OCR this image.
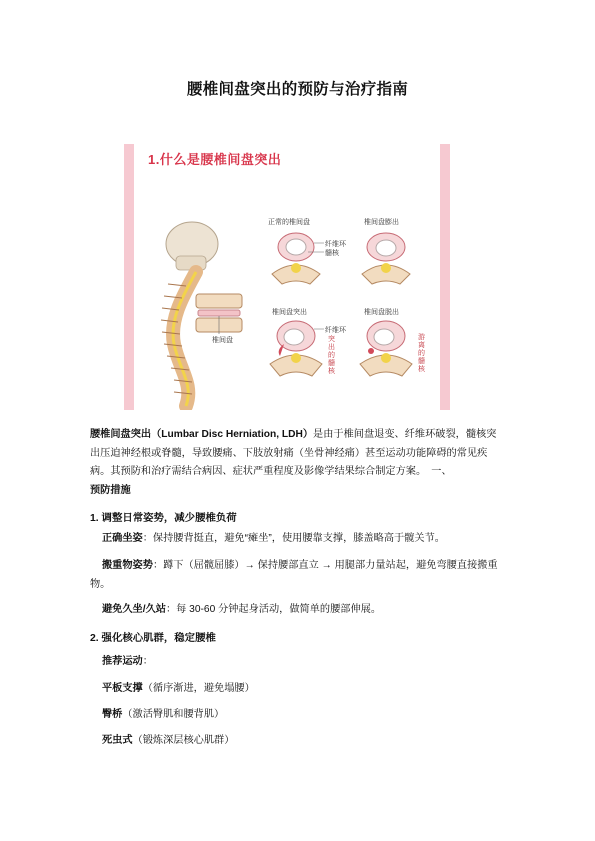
腰椎间盘突出的预防与治疗指南
1.什么是腰椎间盘突出
正常的椎间盘	椎间盘膨出
纤维环
髓核
椎间盘突出	椎间盘脱出
纤维环
椎间盘	突出的髓核
游离的髓核
腰椎间盘突出（Lumbar Disc Herniation, LDH）是由于椎间盘退变、纤维环破裂，髓核突出压迫神经根或脊髓，导致腰痛、下肢放射痛（坐骨神经痛）甚至运动功能障碍的常见疾病。其预防和治疗需结合病因、症状严重程度及影像学结果综合制定方案。　一、
预防措施
1. 调整日常姿势，减少腰椎负荷
正确坐姿：保持腰背挺直，避免“瘫坐”，使用腰靠支撑，膝盖略高于髋关节。
搬重物姿势：蹲下（屈髋屈膝）→ 保持腰部直立 → 用腿部力量站起，避免弯腰直接搬重物。
避免久坐/久站：每 30-60 分钟起身活动，做简单的腰部伸展。
2. 强化核心肌群，稳定腰椎
推荐运动：
平板支撑（循序渐进，避免塌腰）
臀桥（激活臀肌和腰背肌）
死虫式（锻炼深层核心肌群）
